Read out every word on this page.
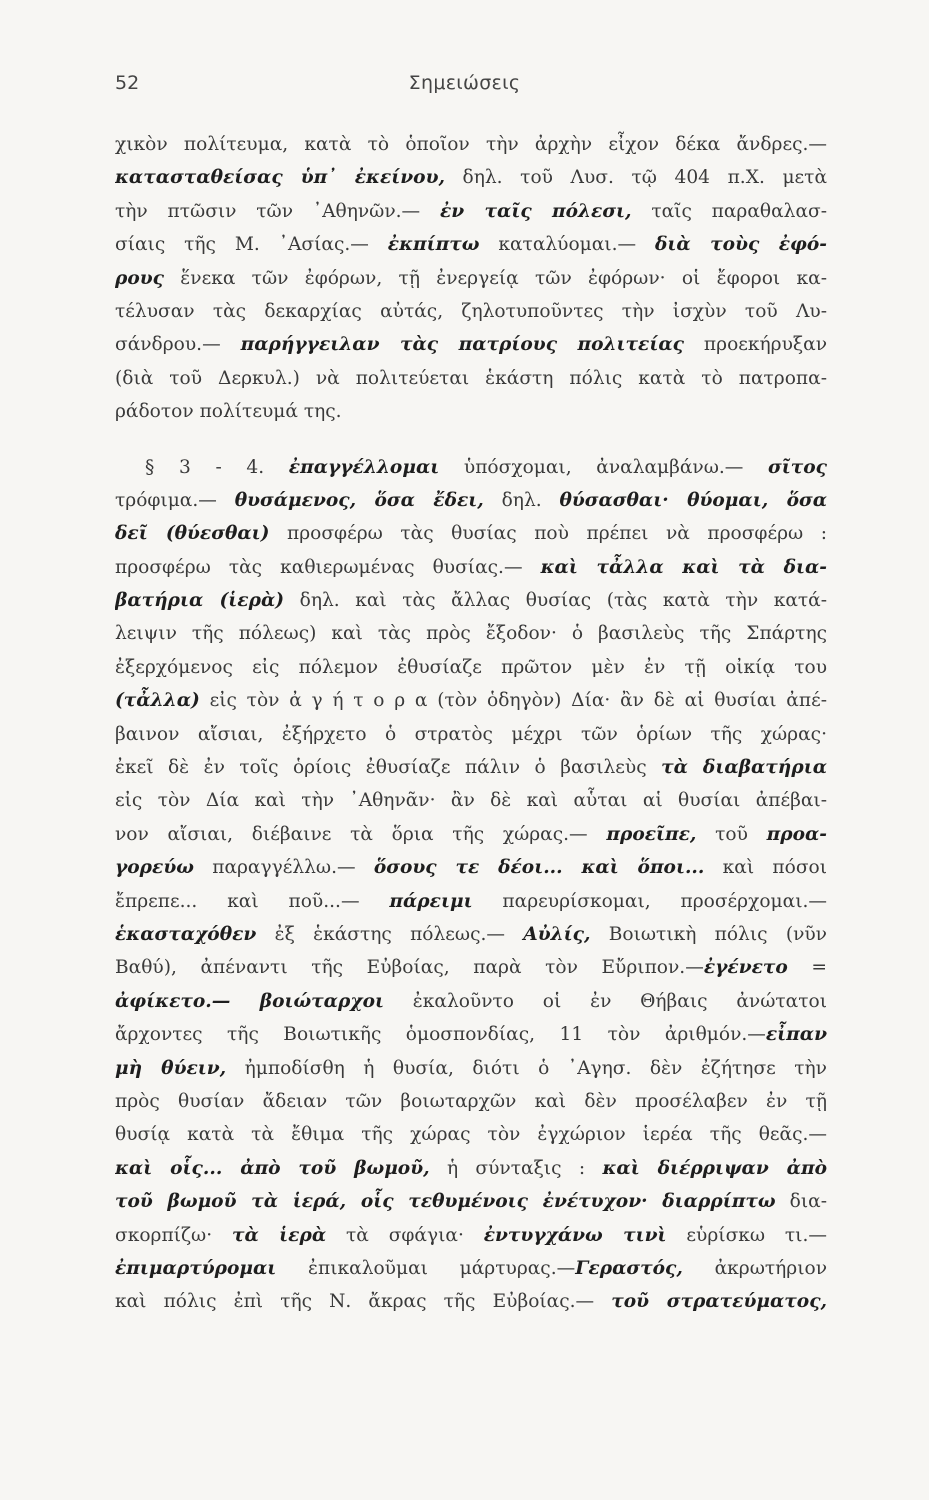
52	Σημειώσεις
χικὸν πολίτευμα, κατὰ τὸ ὁποῖον τὴν ἀρχὴν εἶχον δέκα ἄνδρες.—
κατασταθείσας ὑπ᾽ ἐκείνου, δηλ. τοῦ Λυσ. τῷ 404 π.Χ. μετὰ
τὴν πτῶσιν τῶν ᾽Αθηνῶν.— ἐν ταῖς πόλεσι, ταῖς παραθαλασ-
σίαις τῆς Μ. ᾽Ασίας.— ἐκπίπτω καταλύομαι.— διὰ τοὺς ἐφό-
ρους ἕνεκα τῶν ἐφόρων, τῇ ἐνεργείᾳ τῶν ἐφόρων· οἱ ἔφοροι κα-
τέλυσαν τὰς δεκαρχίας αὐτάς, ζηλοτυποῦντες τὴν ἰσχὺν τοῦ Λυ-
σάνδρου.— παρήγγειλαν τὰς πατρίους πολιτείας προεκήρυξαν
(διὰ τοῦ Δερκυλ.) νὰ πολιτεύεται ἑκάστη πόλις κατὰ τὸ πατροπα-
ράδοτον πολίτευμά της.
§ 3 - 4. ἐπαγγέλλομαι ὑπόσχομαι, ἀναλαμβάνω.— σῖτος
τρόφιμα.— θυσάμενος, ὅσα ἔδει, δηλ. θύσασθαι· θύομαι, ὅσα
δεῖ (θύεσθαι) προσφέρω τὰς θυσίας ποὺ πρέπει νὰ προσφέρω :
προσφέρω τὰς καθιερωμένας θυσίας.— καὶ τἆλλα καὶ τὰ δια-
βατήρια (ἱερὰ) δηλ. καὶ τὰς ἄλλας θυσίας (τὰς κατὰ τὴν κατά-
λειψιν τῆς πόλεως) καὶ τὰς πρὸς ἔξοδον· ὁ βασιλεὺς τῆς Σπάρτης
ἐξερχόμενος εἰς πόλεμον ἐθυσίαζε πρῶτον μὲν ἐν τῇ οἰκίᾳ του
(τἆλλα) εἰς τὸν ἀ γ ή τ ο ρ α (τὸν ὁδηγὸν) Δία· ἂν δὲ αἱ θυσίαι ἀπέ-
βαινον αἴσιαι, ἐξήρχετο ὁ στρατὸς μέχρι τῶν ὁρίων τῆς χώρας·
ἐκεῖ δὲ ἐν τοῖς ὁρίοις ἐθυσίαζε πάλιν ὁ βασιλεὺς τὰ διαβατήρια
εἰς τὸν Δία καὶ τὴν ᾽Αθηνᾶν· ἂν δὲ καὶ αὗται αἱ θυσίαι ἀπέβαι-
νον αἴσιαι, διέβαινε τὰ ὅρια τῆς χώρας.— προεῖπε, τοῦ προα-
γορεύω παραγγέλλω.— ὅσους τε δέοι... καὶ ὅποι... καὶ πόσοι
ἔπρεπε... καὶ ποῦ...— πάρειμι παρευρίσκομαι, προσέρχομαι.—
ἑκασταχόθεν ἐξ ἑκάστης πόλεως.— Αὐλίς, Βοιωτικὴ πόλις (νῦν
Βαθύ), ἀπέναντι τῆς Εὐβοίας, παρὰ τὸν Εὔριπον.—ἐγένετο =
ἀφίκετο.— βοιώταρχοι ἐκαλοῦντο οἱ ἐν Θήβαις ἀνώτατοι
ἄρχοντες τῆς Βοιωτικῆς ὁμοσπονδίας, 11 τὸν ἀριθμόν.—εἶπαν
μὴ θύειν, ἠμποδίσθη ἡ θυσία, διότι ὁ ᾽Αγησ. δὲν ἐζήτησε τὴν
πρὸς θυσίαν ἄδειαν τῶν βοιωταρχῶν καὶ δὲν προσέλαβεν ἐν τῇ
θυσίᾳ κατὰ τὰ ἔθιμα τῆς χώρας τὸν ἐγχώριον ἱερέα τῆς θεᾶς.—
καὶ οἷς... ἀπὸ τοῦ βωμοῦ, ἡ σύνταξις : καὶ διέρριψαν ἀπὸ
τοῦ βωμοῦ τὰ ἱερά, οἷς τεθυμένοις ἐνέτυχον· διαρρίπτω δια-
σκορπίζω· τὰ ἱερὰ τὰ σφάγια· ἐντυγχάνω τινὶ εὑρίσκω τι.—
ἐπιμαρτύρομαι ἐπικαλοῦμαι μάρτυρας.—Γεραστός, ἀκρωτήριον
καὶ πόλις ἐπὶ τῆς Ν. ἄκρας τῆς Εὐβοίας.— τοῦ στρατεύματος,
